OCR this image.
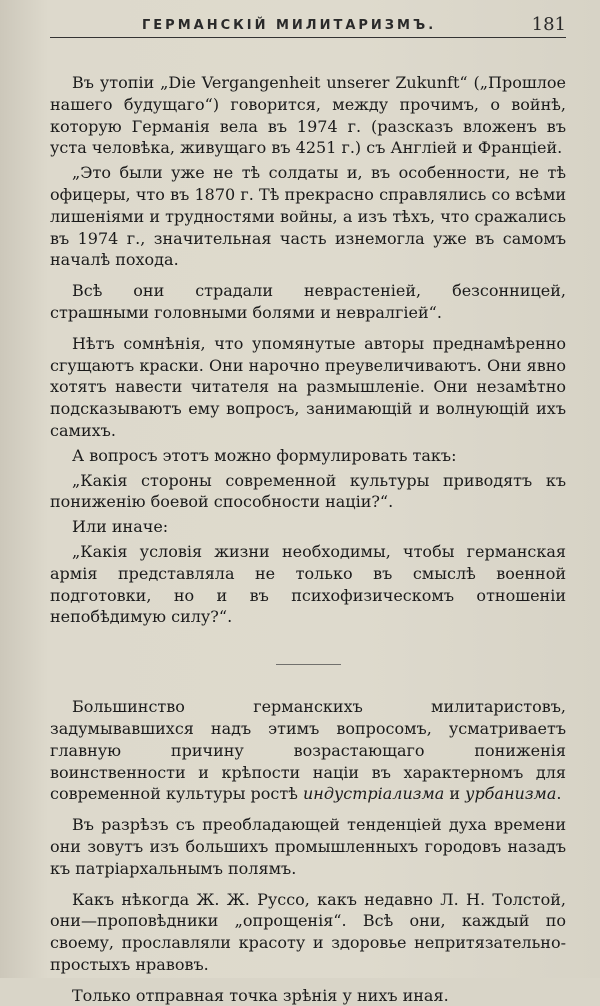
ГЕРМАНСКІЙ МИЛИТАРИЗМЪ.	181

Въ утопіи „Die Vergangenheit unserer Zukunft“ („Прошлое нашего будущаго“) говорится, между прочимъ, о войнѣ, которую Германія вела въ 1974 г. (разсказъ вложенъ въ уста человѣка, живущаго въ 4251 г.) съ Англіей и Франціей.

„Это были уже не тѣ солдаты и, въ особенности, не тѣ офицеры, что въ 1870 г. Тѣ прекрасно справлялись со всѣми лишеніями и трудностями войны, а изъ тѣхъ, что сражались въ 1974 г., значительная часть изнемогла уже въ самомъ началѣ похода.

Всѣ они страдали неврастеніей, безсонницей, страшными головными болями и невралгіей“.

Нѣтъ сомнѣнія, что упомянутые авторы преднамѣренно сгущаютъ краски. Они нарочно преувеличиваютъ. Они явно хотятъ навести читателя на размышленіе. Они незамѣтно подсказываютъ ему вопросъ, занимающій и волнующій ихъ самихъ.

А вопросъ этотъ можно формулировать такъ:

„Какія стороны современной культуры приводятъ къ пониженію боевой способности націи?“.

Или иначе:

„Какія условія жизни необходимы, чтобы германская армія представляла не только въ смыслѣ военной подготовки, но и въ психофизическомъ отношеніи непобѣдимую силу?“.

Большинство германскихъ милитаристовъ, задумывавшихся надъ этимъ вопросомъ, усматриваетъ главную причину возрастающаго пониженія воинственности и крѣпости націи въ характерномъ для современной культуры ростѣ индустріализма и урбанизма.

Въ разрѣзъ съ преобладающей тенденціей духа времени они зовутъ изъ большихъ промышленныхъ городовъ назадъ къ патріархальнымъ полямъ.

Какъ нѣкогда Ж. Ж. Руссо, какъ недавно Л. Н. Толстой, они—проповѣдники „опрощенія“. Всѣ они, каждый по своему, прославляли красоту и здоровье непритязательно-простыхъ нравовъ.

Только отправная точка зрѣнія у нихъ иная.
